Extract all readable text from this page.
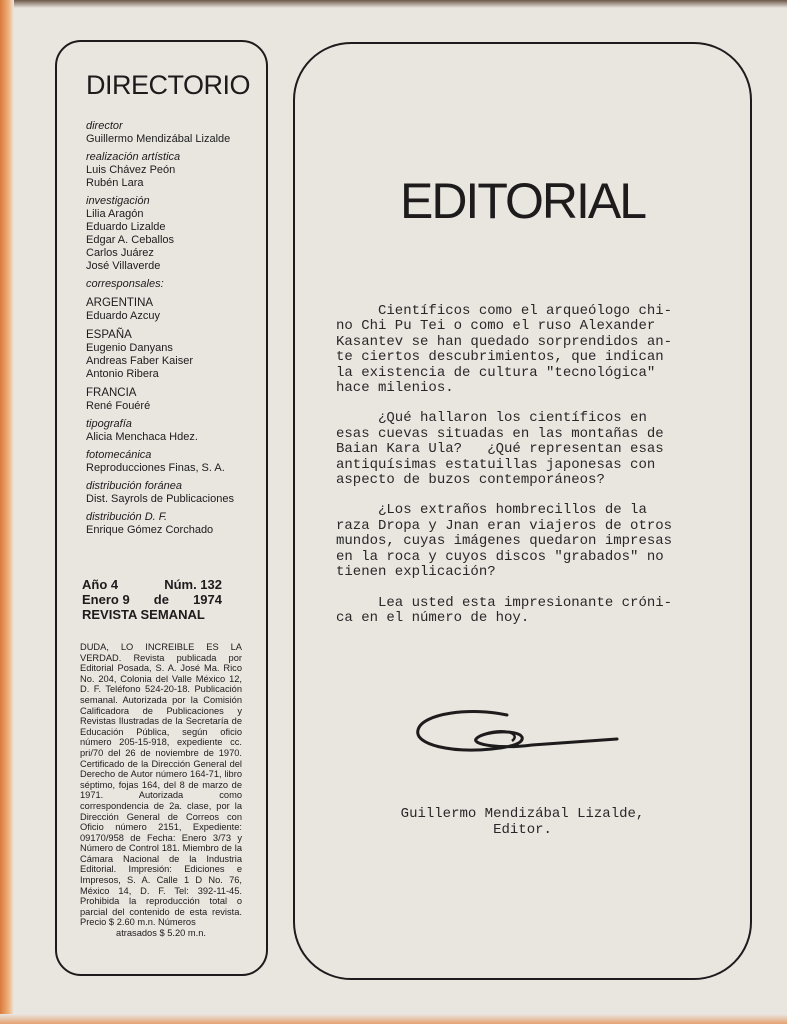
DIRECTORIO
director
Guillermo Mendizábal Lizalde
realización artística
Luis Chávez Peón
Rubén Lara
investigación
Lilia Aragón
Eduardo Lizalde
Edgar A. Ceballos
Carlos Juárez
José Villaverde
corresponsales:
ARGENTINA
Eduardo Azcuy
ESPAÑA
Eugenio Danyans
Andreas Faber Kaiser
Antonio Ribera
FRANCIA
René Fouéré
tipografía
Alicia Menchaca Hdez.
fotomecánica
Reproducciones Finas, S. A.
distribución foránea
Dist. Sayrols de Publicaciones
distribución D. F.
Enrique Gómez Corchado
Año 4	Núm. 132
Enero 9 de 1974
REVISTA SEMANAL
DUDA, LO INCREIBLE ES LA VERDAD. Revista publicada por Editorial Posada, S. A. José Ma. Rico No. 204, Colonia del Valle México 12, D. F. Teléfono 524-20-18. Publicación semanal. Autorizada por la Comisión Calificadora de Publicaciones y Revistas Ilustradas de la Secretaría de Educación Pública, según oficio número 205-15-918, expediente cc. pri/70 del 26 de noviembre de 1970. Certificado de la Dirección General del Derecho de Autor número 164-71, libro séptimo, fojas 164, del 8 de marzo de 1971. Autorizada como correspondencia de 2a. clase, por la Dirección General de Correos con Oficio número 2151, Expediente: 09170/958 de Fecha: Enero 3/73 y Número de Control 181. Miembro de la Cámara Nacional de la Industria Editorial. Impresión: Ediciones e Impresos, S. A. Calle 1 D No. 76, México 14, D. F. Tel: 392-11-45. Prohibida la reproducción total o parcial del contenido de esta revista. Precio $ 2.60 m.n. Números
atrasados $ 5.20 m.n.
EDITORIAL
Científicos como el arqueólogo chi-
no Chi Pu Tei o como el ruso Alexander
Kasantev se han quedado sorprendidos an-
te ciertos descubrimientos, que indican
la existencia de cultura "tecnológica"
hace milenios.
¿Qué hallaron los científicos en
esas cuevas situadas en las montañas de
Baian Kara Ula?   ¿Qué representan esas
antiquísimas estatuillas japonesas con
aspecto de buzos contemporáneos?
¿Los extraños hombrecillos de la
raza Dropa y Jnan eran viajeros de otros
mundos, cuyas imágenes quedaron impresas
en la roca y cuyos discos "grabados" no
tienen explicación?
Lea usted esta impresionante cróni-
ca en el número de hoy.
Guillermo Mendizábal Lizalde,
Editor.
